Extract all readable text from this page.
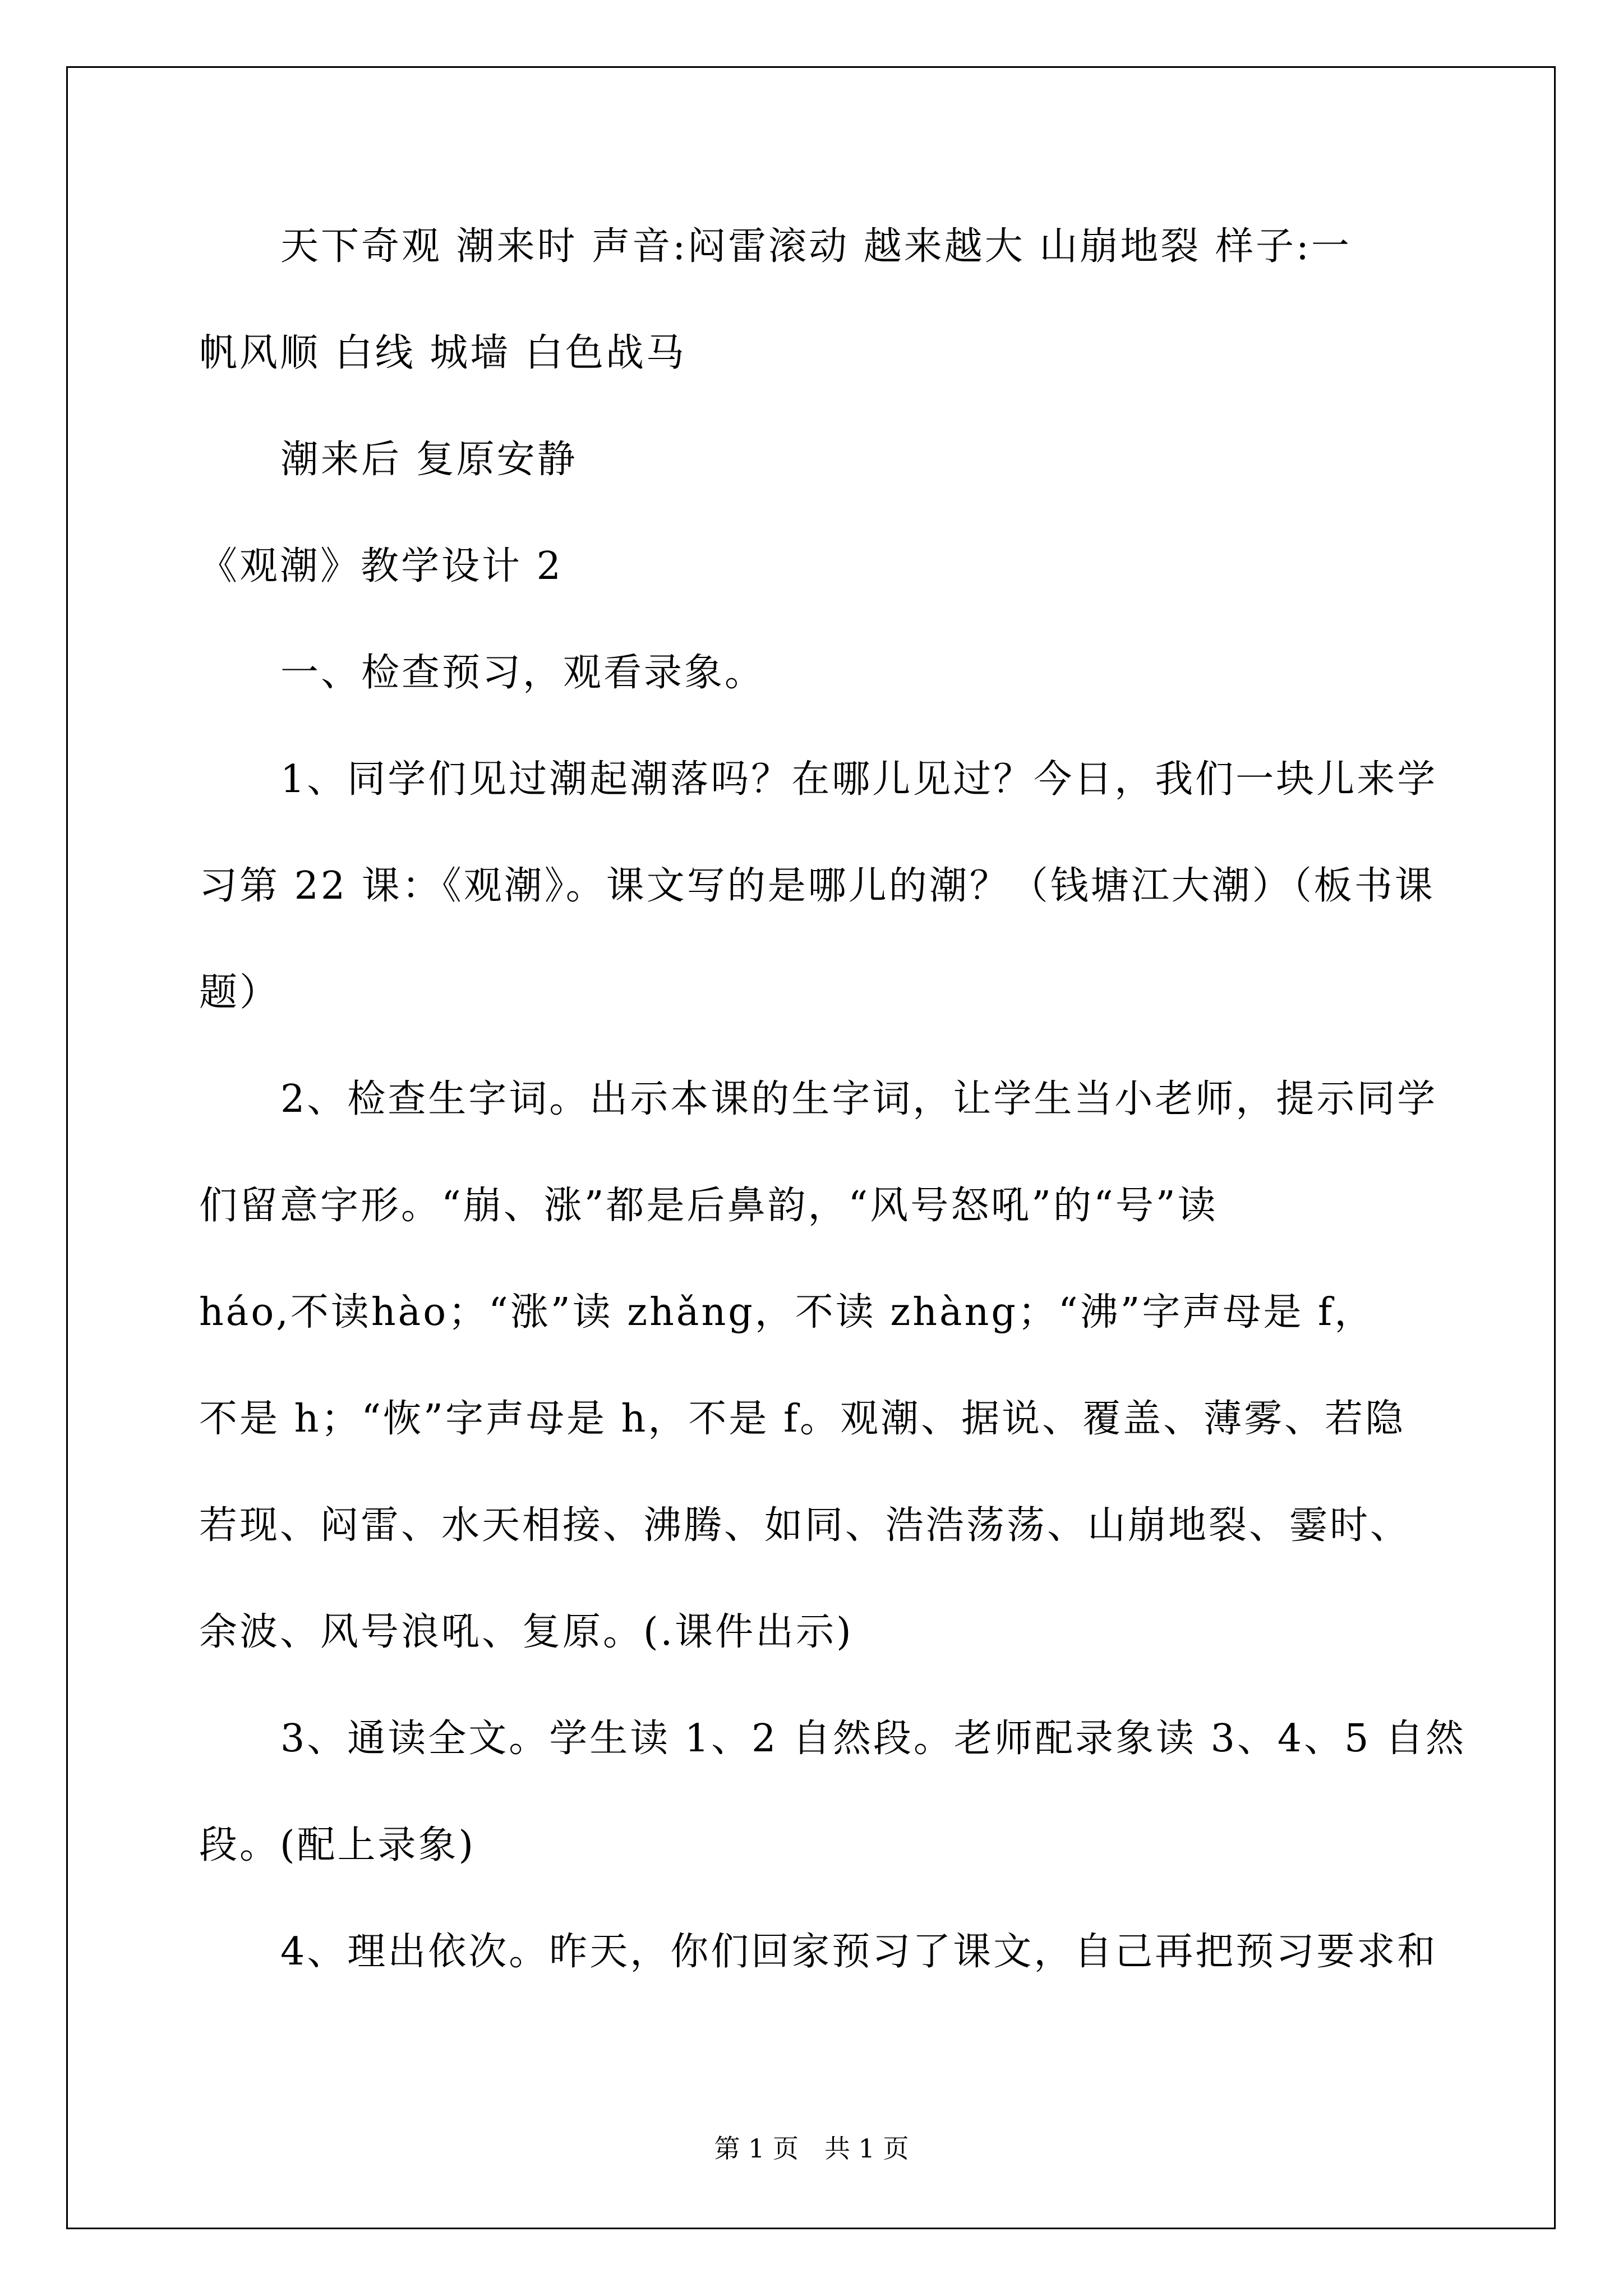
天下奇观 潮来时 声音:闷雷滚动 越来越大 山崩地裂 样子:一
帆风顺 白线 城墙 白色战马
潮来后 复原安静
《观潮》教学设计 2
一、检查预习，观看录象。
1、同学们见过潮起潮落吗？在哪儿见过？今日，我们一块儿来学
习第 22 课：《观潮》。课文写的是哪儿的潮？（钱塘江大潮）（板书课
题）
2、检查生字词。出示本课的生字词，让学生当小老师，提示同学
们留意字形。“崩、涨”都是后鼻韵，“风号怒吼”的“号”读
háo,不读hào；“涨”读 zhǎng，不读 zhàng；“沸”字声母是 f，
不是 h；“恢”字声母是 h，不是 f。观潮、据说、覆盖、薄雾、若隐
若现、闷雷、水天相接、沸腾、如同、浩浩荡荡、山崩地裂、霎时、
余波、风号浪吼、复原。(.课件出示)
3、通读全文。学生读 1、2 自然段。老师配录象读 3、4、5 自然
段。(配上录象)
4、理出依次。昨天，你们回家预习了课文，自己再把预习要求和
第 1 页　共 1 页
